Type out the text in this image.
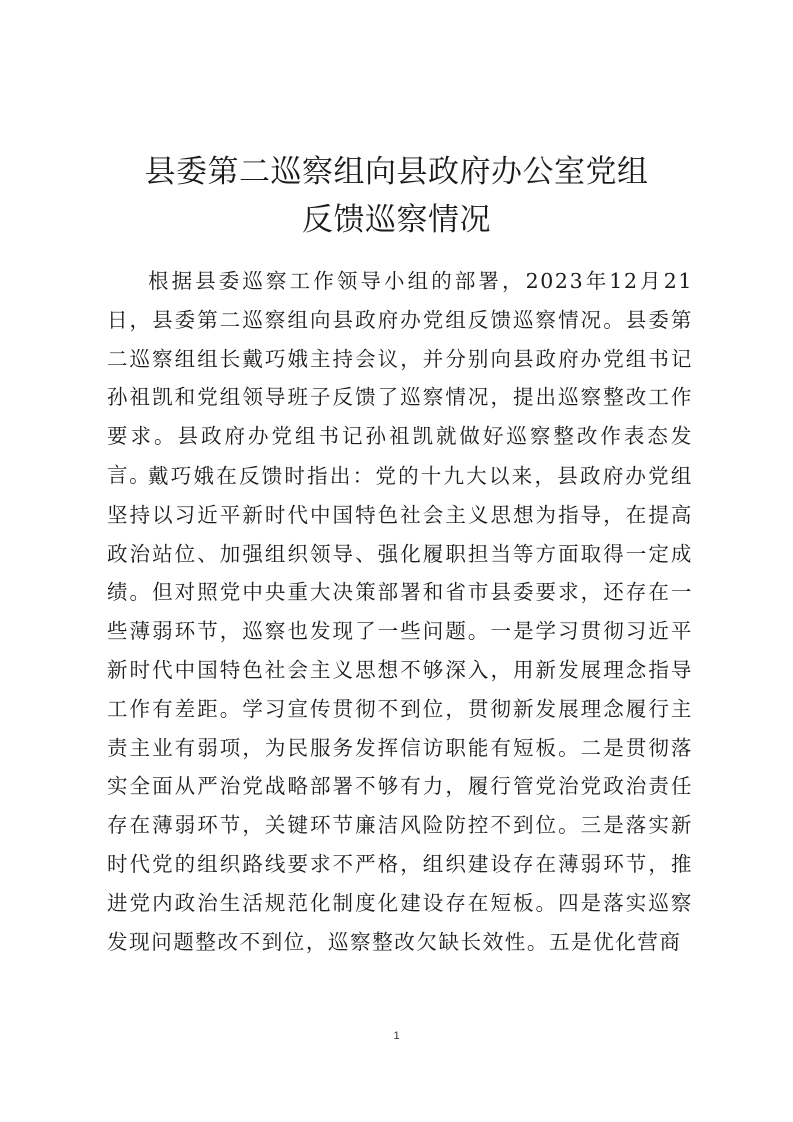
县委第二巡察组向县政府办公室党组
反馈巡察情况

根据县委巡察工作领导小组的部署，2023年12月21日，县委第二巡察组向县政府办党组反馈巡察情况。县委第二巡察组组长戴巧娥主持会议，并分别向县政府办党组书记孙祖凯和党组领导班子反馈了巡察情况，提出巡察整改工作要求。县政府办党组书记孙祖凯就做好巡察整改作表态发言。

戴巧娥在反馈时指出：党的十九大以来，县政府办党组坚持以习近平新时代中国特色社会主义思想为指导，在提高政治站位、加强组织领导、强化履职担当等方面取得一定成绩。但对照党中央重大决策部署和省市县委要求，还存在一些薄弱环节，巡察也发现了一些问题。一是学习贯彻习近平新时代中国特色社会主义思想不够深入，用新发展理念指导工作有差距。学习宣传贯彻不到位，贯彻新发展理念履行主责主业有弱项，为民服务发挥信访职能有短板。二是贯彻落实全面从严治党战略部署不够有力，履行管党治党政治责任存在薄弱环节，关键环节廉洁风险防控不到位。三是落实新时代党的组织路线要求不严格，组织建设存在薄弱环节，推进党内政治生活规范化制度化建设存在短板。四是落实巡察发现问题整改不到位，巡察整改欠缺长效性。五是优化营商

1
